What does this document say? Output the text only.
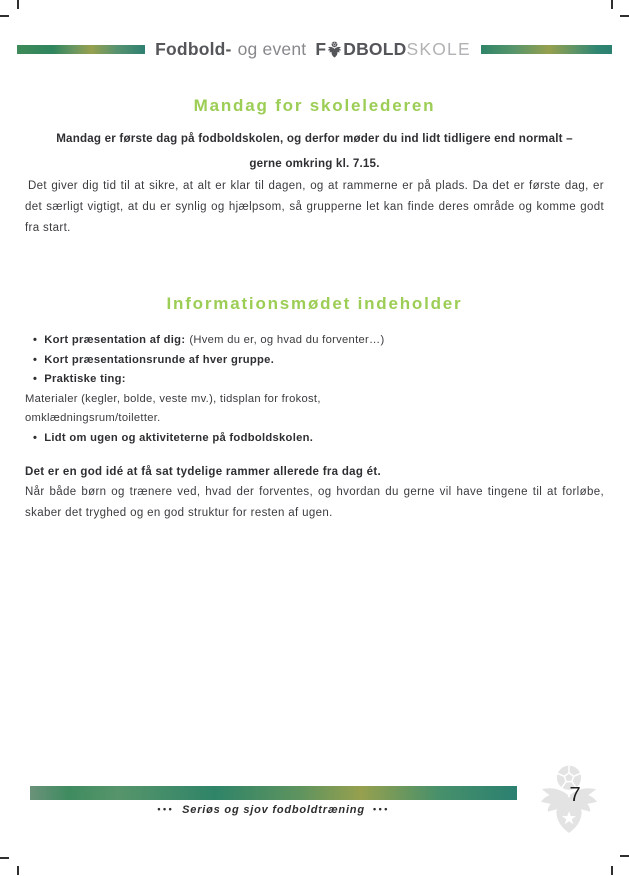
Fodbold- og event F DBOLD SKOLE
Mandag for skolelederen
Mandag er første dag på fodboldskolen, og derfor møder du ind lidt tidligere end normalt – gerne omkring kl. 7.15.
Det giver dig tid til at sikre, at alt er klar til dagen, og at rammerne er på plads. Da det er første dag, er det særligt vigtigt, at du er synlig og hjælpsom, så grupperne let kan finde deres område og komme godt fra start.
Informationsmødet indeholder
• Kort præsentation af dig: (Hvem du er, og hvad du forventer…)
• Kort præsentationsrunde af hver gruppe.
• Praktiske ting:
Materialer (kegler, bolde, veste mv.), tidsplan for frokost,
omklædningsrum/toiletter.
• Lidt om ugen og aktiviteterne på fodboldskolen.
Det er en god idé at få sat tydelige rammer allerede fra dag ét.
Når både børn og trænere ved, hvad der forventes, og hvordan du gerne vil have tingene til at forløbe, skaber det tryghed og en god struktur for resten af ugen.
••• Seriøs og sjov fodboldtræning •••
7
